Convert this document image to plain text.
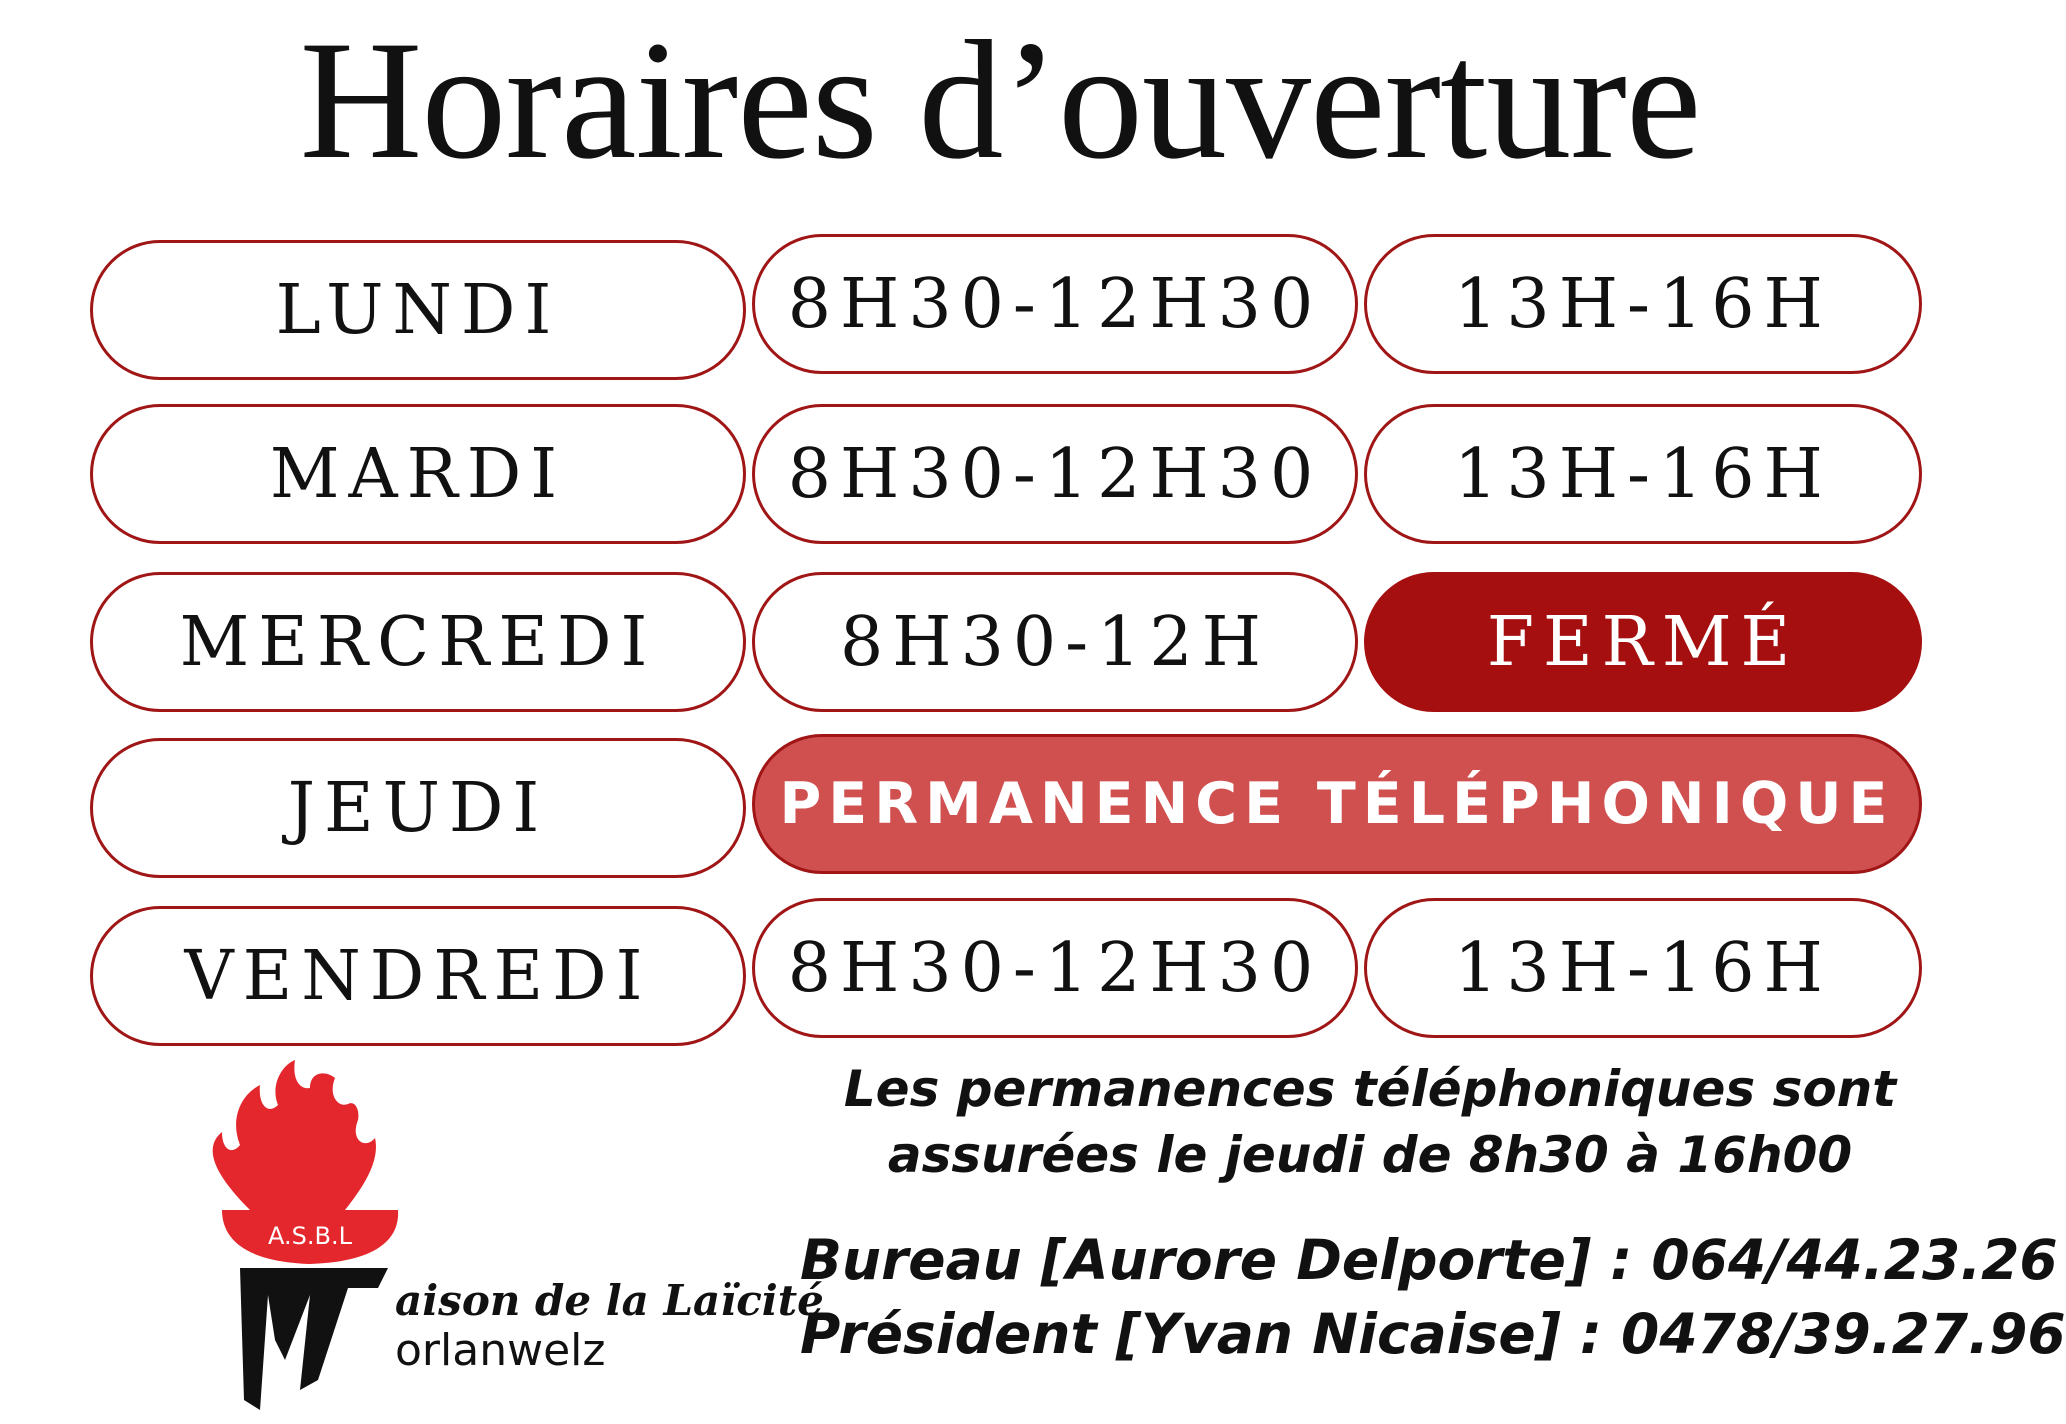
Horaires d’ouverture
LUNDI	8H30-12H30	13H-16H
MARDI	8H30-12H30	13H-16H
MERCREDI	8H30-12H	FERMÉ
JEUDI	PERMANENCE TÉLÉPHONIQUE
VENDREDI	8H30-12H30	13H-16H
Les permanences téléphoniques sont
assurées le jeudi de 8h30 à 16h00
Bureau [Aurore Delporte] : 064/44.23.26
Président [Yvan Nicaise] : 0478/39.27.96
A.S.B.L
aison de la Laïcité
orlanwelz
